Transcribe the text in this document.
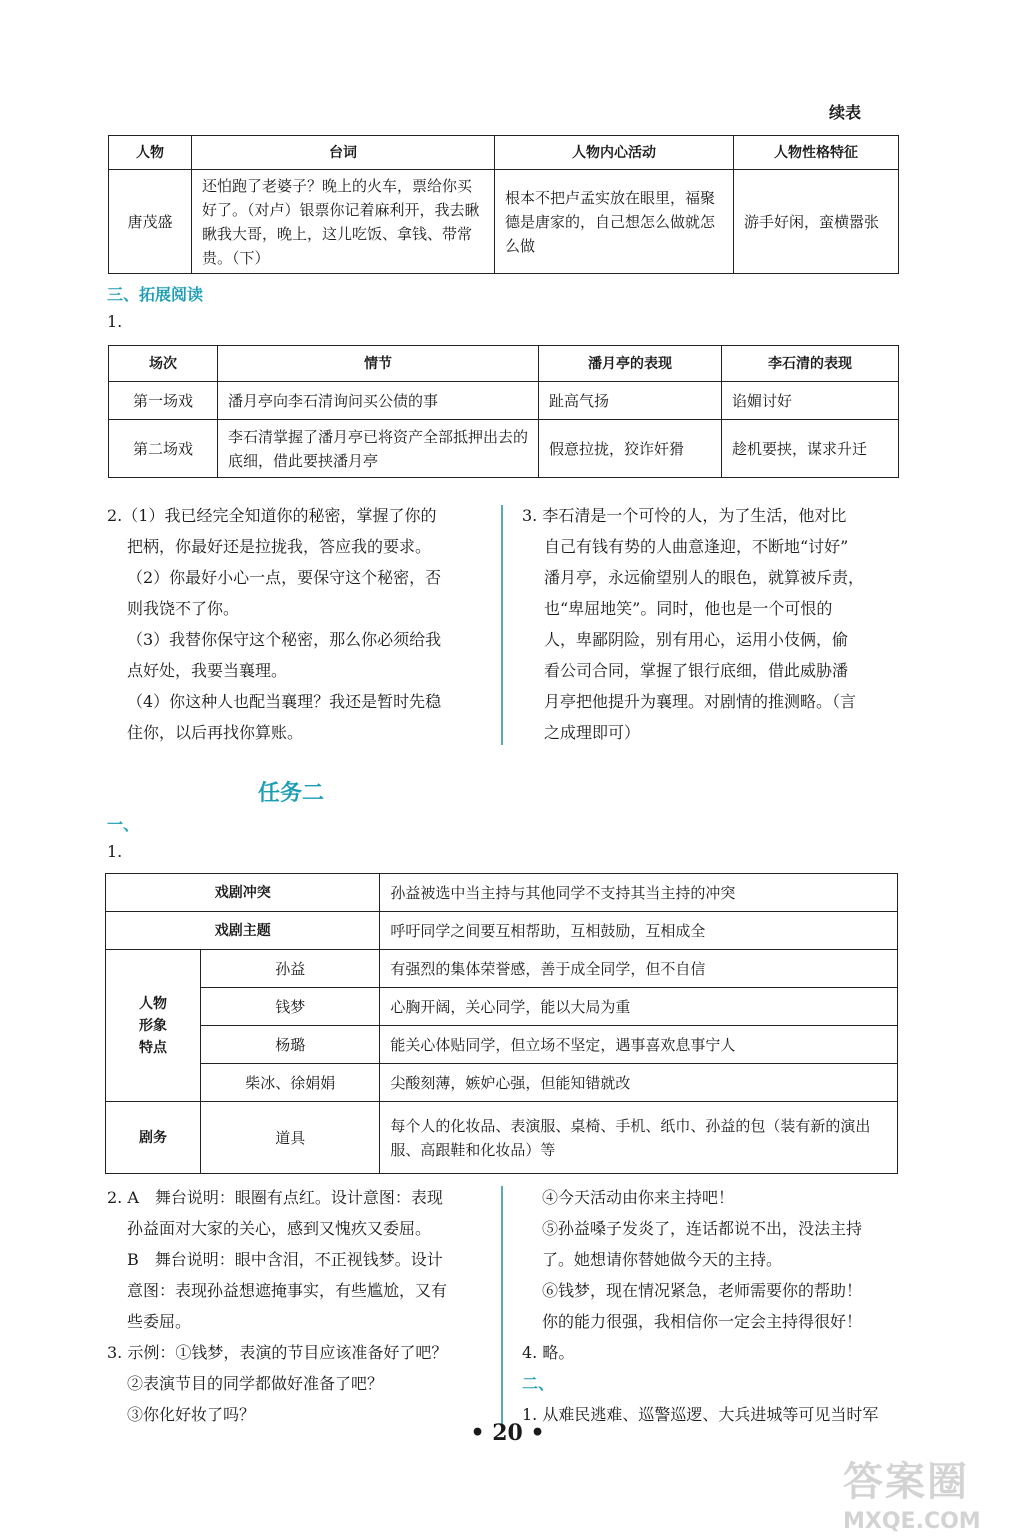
续表
人物	台词	人物内心活动	人物性格特征
唐茂盛	还怕跑了老婆子？晚上的火车，票给你买好了。（对卢）银票你记着麻利开，我去瞅瞅我大哥，晚上，这儿吃饭、拿钱、带常贵。（下）	根本不把卢孟实放在眼里，福聚德是唐家的，自己想怎么做就怎么做	游手好闲，蛮横嚣张
三、拓展阅读
1.
场次	情节	潘月亭的表现	李石清的表现
第一场戏	潘月亭向李石清询问买公债的事	趾高气扬	谄媚讨好
第二场戏	李石清掌握了潘月亭已将资产全部抵押出去的底细，借此要挟潘月亭	假意拉拢，狡诈奸猾	趁机要挟，谋求升迁

2.（1）我已经完全知道你的秘密，掌握了你的

把柄，你最好还是拉拢我，答应我的要求。

（2）你最好小心一点，要保守这个秘密，否

则我饶不了你。

（3）我替你保守这个秘密，那么你必须给我

点好处，我要当襄理。

（4）你这种人也配当襄理？我还是暂时先稳

住你，以后再找你算账。

3. 李石清是一个可怜的人，为了生活，他对比

自己有钱有势的人曲意逢迎，不断地“讨好”

潘月亭，永远偷望别人的眼色，就算被斥责，

也“卑屈地笑”。同时，他也是一个可恨的

人，卑鄙阴险，别有用心，运用小伎俩，偷

看公司合同，掌握了银行底细，借此威胁潘

月亭把他提升为襄理。对剧情的推测略。（言

之成理即可）

任务二
一、
1.
戏剧冲突		孙益被选中当主持与其他同学不支持其当主持的冲突
戏剧主题		呼吁同学之间要互相帮助，互相鼓励，互相成全

人物
形象
特点	孙益	有强烈的集体荣誉感，善于成全同学，但不自信
	钱梦	心胸开阔，关心同学，能以大局为重
	杨璐	能关心体贴同学，但立场不坚定，遇事喜欢息事宁人
	柴冰、徐娟娟	尖酸刻薄，嫉妒心强，但能知错就改
剧务	道具	每个人的化妆品、表演服、桌椅、手机、纸巾、孙益的包（装有新的演出服、高跟鞋和化妆品）等

2. A　舞台说明：眼圈有点红。设计意图：表现

孙益面对大家的关心，感到又愧疚又委屈。

B　舞台说明：眼中含泪，不正视钱梦。设计

意图：表现孙益想遮掩事实，有些尴尬，又有

些委屈。

3. 示例：①钱梦，表演的节目应该准备好了吧？

②表演节目的同学都做好准备了吧？

③你化好妆了吗？

④今天活动由你来主持吧！

⑤孙益嗓子发炎了，连话都说不出，没法主持

了。她想请你替她做今天的主持。

⑥钱梦，现在情况紧急，老师需要你的帮助！

你的能力很强，我相信你一定会主持得很好！

4. 略。

二、

1. 从难民逃难、巡警巡逻、大兵进城等可见当时军

• 20 •
答案圈
MXQE.COM
